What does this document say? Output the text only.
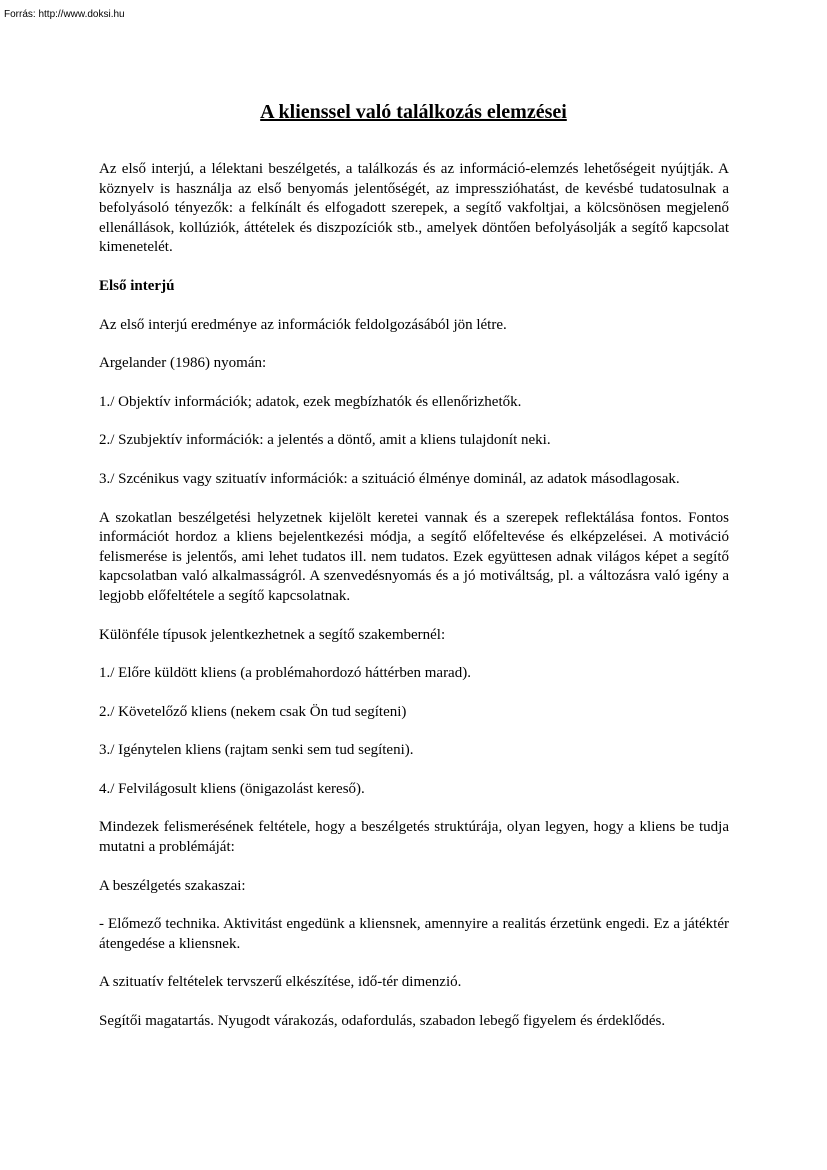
Forrás: http://www.doksi.hu
A klienssel való találkozás elemzései

Az első interjú, a lélektani beszélgetés, a találkozás és az információ-elemzés lehetőségeit nyújtják. A köznyelv is használja az első benyomás jelentőségét, az impresszióhatást, de kevésbé tudatosulnak a befolyásoló tényezők: a felkínált és elfogadott szerepek, a segítő vakfoltjai, a kölcsönösen megjelenő ellenállások, kollúziók, áttételek és diszpozíciók stb., amelyek döntően befolyásolják a segítő kapcsolat kimenetelét.

Első interjú

Az első interjú eredménye az információk feldolgozásából jön létre.

Argelander (1986) nyomán:

1./ Objektív információk; adatok, ezek megbízhatók és ellenőrizhetők.

2./ Szubjektív információk: a jelentés a döntő, amit a kliens tulajdonít neki.

3./ Szcénikus vagy szituatív információk: a szituáció élménye dominál, az adatok másodlagosak.

A szokatlan beszélgetési helyzetnek kijelölt keretei vannak és a szerepek reflektálása fontos. Fontos információt hordoz a kliens bejelentkezési módja, a segítő előfeltevése és elképzelései. A motiváció felismerése is jelentős, ami lehet tudatos ill. nem tudatos. Ezek együttesen adnak világos képet a segítő kapcsolatban való alkalmasságról. A szenvedésnyomás és a jó motiváltság, pl. a változásra való igény a legjobb előfeltétele a segítő kapcsolatnak.

Különféle típusok jelentkezhetnek a segítő szakembernél:

1./ Előre küldött kliens (a problémahordozó háttérben marad).

2./ Követelőző kliens (nekem csak Ön tud segíteni)

3./ Igénytelen kliens (rajtam senki sem tud segíteni).

4./ Felvilágosult kliens (önigazolást kereső).

Mindezek felismerésének feltétele, hogy a beszélgetés struktúrája, olyan legyen, hogy a kliens be tudja mutatni a problémáját:

A beszélgetés szakaszai:

- Előmező technika. Aktivitást engedünk a kliensnek, amennyire a realitás érzetünk engedi. Ez a játéktér átengedése a kliensnek.

A szituatív feltételek tervszerű elkészítése, idő-tér dimenzió.

Segítői magatartás. Nyugodt várakozás, odafordulás, szabadon lebegő figyelem és érdeklődés.
